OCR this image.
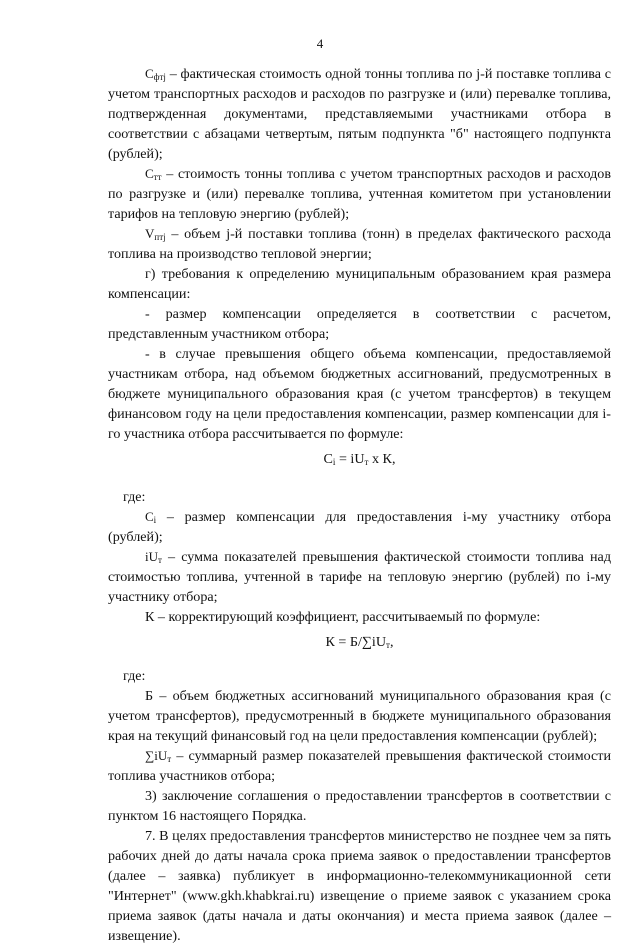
4

$C_{фтj}$ – фактическая стоимость одной тонны топлива по j-й поставке топлива с учетом транспортных расходов и расходов по разгрузке и (или) перевалке топлива, подтвержденная документами, представляемыми участниками отбора в соответствии с абзацами четвертым, пятым подпункта "б" настоящего подпункта (рублей);

$C_{тт}$ – стоимость тонны топлива с учетом транспортных расходов и расходов по разгрузке и (или) перевалке топлива, учтенная комитетом при установлении тарифов на тепловую энергию (рублей);

$V_{птj}$ – объем j-й поставки топлива (тонн) в пределах фактического расхода топлива на производство тепловой энергии;

г) требования к определению муниципальным образованием края размера компенсации:

- размер компенсации определяется в соответствии с расчетом, представленным участником отбора;

- в случае превышения общего объема компенсации, предоставляемой участникам отбора, над объемом бюджетных ассигнований, предусмотренных в бюджете муниципального образования края (с учетом трансфертов) в текущем финансовом году на цели предоставления компенсации, размер компенсации для i-го участника отбора рассчитывается по формуле:

$C_i = iU_т$ х К,

где:

$C_i$ – размер компенсации для предоставления i-му участнику отбора (рублей);

$iU_т$ – сумма показателей превышения фактической стоимости топлива над стоимостью топлива, учтенной в тарифе на тепловую энергию (рублей) по i-му участнику отбора;

К – корректирующий коэффициент, рассчитываемый по формуле:

$К = Б/\sum iU_т$,

где:

Б – объем бюджетных ассигнований муниципального образования края (с учетом трансфертов), предусмотренный в бюджете муниципального образования края на текущий финансовый год на цели предоставления компенсации (рублей);

$\sum iU_т$ – суммарный размер показателей превышения фактической стоимости топлива участников отбора;

3) заключение соглашения о предоставлении трансфертов в соответствии с пунктом 16 настоящего Порядка.

7. В целях предоставления трансфертов министерство не позднее чем за пять рабочих дней до даты начала срока приема заявок о предоставлении трансфертов (далее – заявка) публикует в информационно-телекоммуникационной сети "Интернет" (www.gkh.khabkrai.ru) извещение о приеме заявок с указанием срока приема заявок (даты начала и даты окончания) и места приема заявок (далее – извещение).
